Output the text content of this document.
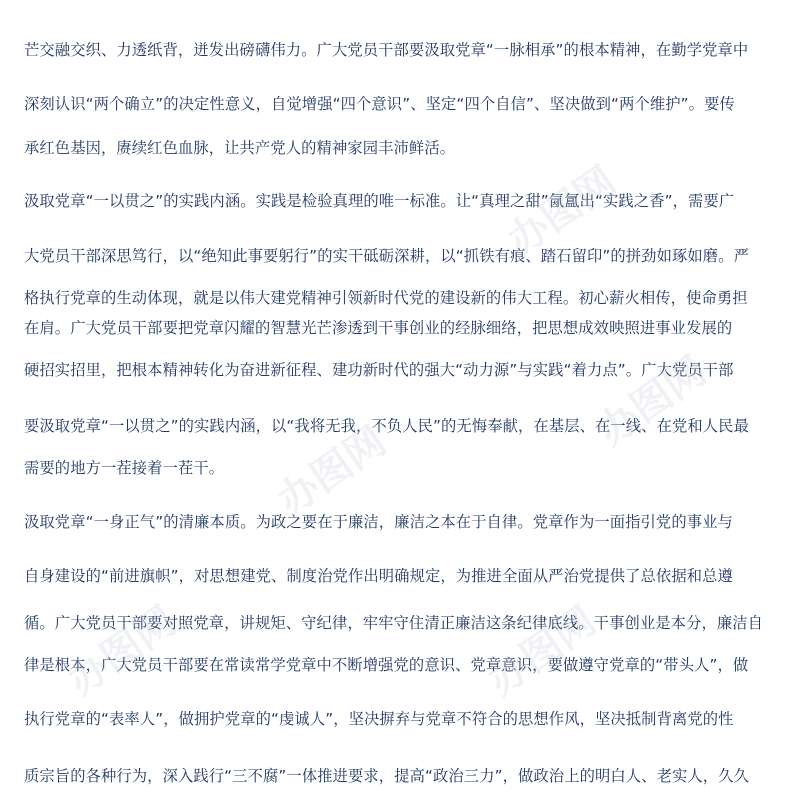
芒交融交织、力透纸背，迸发出磅礴伟力。广大党员干部要汲取党章“一脉相承”的根本精神，在勤学党章中
深刻认识“两个确立”的决定性意义，自觉增强“四个意识”、坚定“四个自信”、坚决做到“两个维护”。要传
承红色基因，赓续红色血脉，让共产党人的精神家园丰沛鲜活。
汲取党章“一以贯之”的实践内涵。实践是检验真理的唯一标准。让“真理之甜”氤氲出“实践之香”，需要广
大党员干部深思笃行，以“绝知此事要躬行”的实干砥砺深耕，以“抓铁有痕、踏石留印”的拼劲如琢如磨。严
格执行党章的生动体现，就是以伟大建党精神引领新时代党的建设新的伟大工程。初心薪火相传，使命勇担
在肩。广大党员干部要把党章闪耀的智慧光芒渗透到干事创业的经脉细络，把思想成效映照进事业发展的
硬招实招里，把根本精神转化为奋进新征程、建功新时代的强大“动力源”与实践“着力点”。广大党员干部
要汲取党章“一以贯之”的实践内涵，以“我将无我，不负人民”的无悔奉献，在基层、在一线、在党和人民最
需要的地方一茬接着一茬干。
汲取党章“一身正气”的清廉本质。为政之要在于廉洁，廉洁之本在于自律。党章作为一面指引党的事业与
自身建设的“前进旗帜”，对思想建党、制度治党作出明确规定，为推进全面从严治党提供了总依据和总遵
循。广大党员干部要对照党章，讲规矩、守纪律，牢牢守住清正廉洁这条纪律底线。干事创业是本分，廉洁自
律是根本，广大党员干部要在常读常学党章中不断增强党的意识、党章意识，要做遵守党章的“带头人”，做
执行党章的“表率人”，做拥护党章的“虔诚人”，坚决摒弃与党章不符合的思想作风，坚决抵制背离党的性
质宗旨的各种行为，深入践行“三不腐”一体推进要求，提高“政治三力”，做政治上的明白人、老实人，久久
办图网
办图网
办图网
办图网	办图网
